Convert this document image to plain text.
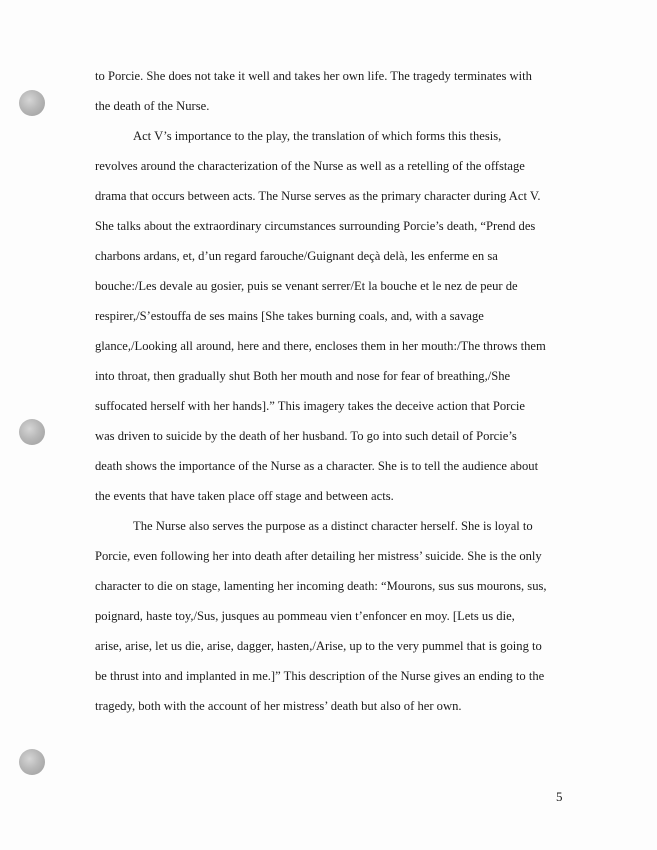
to Porcie. She does not take it well and takes her own life. The tragedy terminates with
the death of the Nurse.
Act V’s importance to the play, the translation of which forms this thesis,
revolves around the characterization of the Nurse as well as a retelling of the offstage
drama that occurs between acts. The Nurse serves as the primary character during Act V.
She talks about the extraordinary circumstances surrounding Porcie’s death, “Prend des
charbons ardans, et, d’un regard farouche/Guignant deçà delà, les enferme en sa
bouche:/Les devale au gosier, puis se venant serrer/Et la bouche et le nez de peur de
respirer,/S’estouffa de ses mains [She takes burning coals, and, with a savage
glance,/Looking all around, here and there, encloses them in her mouth:/The throws them
into throat, then gradually shut Both her mouth and nose for fear of breathing,/She
suffocated herself with her hands].” This imagery takes the deceive action that Porcie
was driven to suicide by the death of her husband. To go into such detail of Porcie’s
death shows the importance of the Nurse as a character. She is to tell the audience about
the events that have taken place off stage and between acts.
The Nurse also serves the purpose as a distinct character herself. She is loyal to
Porcie, even following her into death after detailing her mistress’ suicide. She is the only
character to die on stage, lamenting her incoming death: “Mourons, sus sus mourons, sus,
poignard, haste toy,/Sus, jusques au pommeau vien t’enfoncer en moy. [Lets us die,
arise, arise, let us die, arise, dagger, hasten,/Arise, up to the very pummel that is going to
be thrust into and implanted in me.]” This description of the Nurse gives an ending to the
tragedy, both with the account of her mistress’ death but also of her own.
5
